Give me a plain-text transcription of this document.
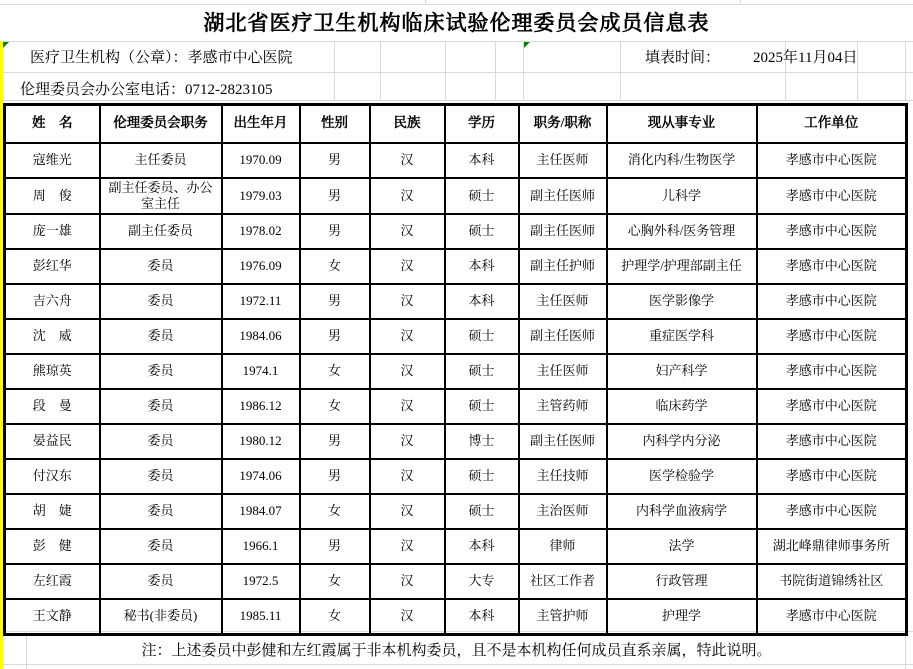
湖北省医疗卫生机构临床试验伦理委员会成员信息表
医疗卫生机构（公章）：孝感市中心医院	填表时间： 2025年11月04日
伦理委员会办公室电话：0712-2823105
姓　名	伦理委员会职务	出生年月	性别	民族	学历	职务/职称	现从事专业	工作单位
寇维光	主任委员	1970.09	男	汉	本科	主任医师	消化内科/生物医学	孝感市中心医院
周　俊	副主任委员、办公室主任	1979.03	男	汉	硕士	副主任医师	儿科学	孝感市中心医院
庞一雄	副主任委员	1978.02	男	汉	硕士	副主任医师	心胸外科/医务管理	孝感市中心医院
彭红华	委员	1976.09	女	汉	本科	副主任护师	护理学/护理部副主任	孝感市中心医院
吉六舟	委员	1972.11	男	汉	本科	主任医师	医学影像学	孝感市中心医院
沈　威	委员	1984.06	男	汉	硕士	副主任医师	重症医学科	孝感市中心医院
熊琼英	委员	1974.1	女	汉	硕士	主任医师	妇产科学	孝感市中心医院
段　曼	委员	1986.12	女	汉	硕士	主管药师	临床药学	孝感市中心医院
晏益民	委员	1980.12	男	汉	博士	副主任医师	内科学内分泌	孝感市中心医院
付汉东	委员	1974.06	男	汉	硕士	主任技师	医学检验学	孝感市中心医院
胡　婕	委员	1984.07	女	汉	硕士	主治医师	内科学血液病学	孝感市中心医院
彭　健	委员	1966.1	男	汉	本科	律师	法学	湖北峰鼎律师事务所
左红霞	委员	1972.5	女	汉	大专	社区工作者	行政管理	书院街道锦绣社区
王文静	秘书(非委员)	1985.11	女	汉	本科	主管护师	护理学	孝感市中心医院
注：上述委员中彭健和左红霞属于非本机构委员，且不是本机构任何成员直系亲属，特此说明。
